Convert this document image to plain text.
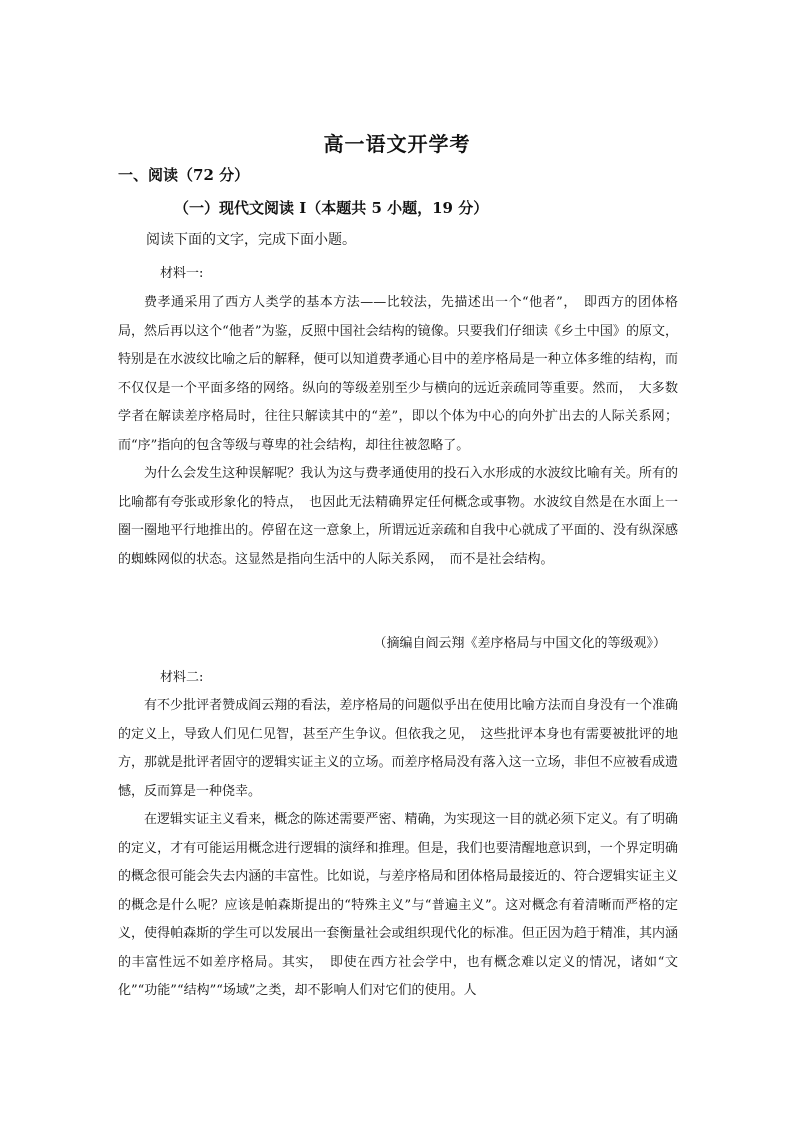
高一语文开学考
一、阅读（72 分）
（一）现代文阅读 I（本题共 5 小题，19 分）
阅读下面的文字，完成下面小题。
材料一:

费孝通采用了西方人类学的基本方法——比较法，先描述出一个“他者”，　即西方的团体格局，然后再以这个“他者”为鉴，反照中国社会结构的镜像。只要我们仔细读《乡土中国》的原文，特别是在水波纹比喻之后的解释，便可以知道费孝通心目中的差序格局是一种立体多维的结构，而不仅仅是一个平面多络的网络。纵向的等级差别至少与横向的远近亲疏同等重要。然而，　大多数学者在解读差序格局时，往往只解读其中的“差”，即以个体为中心的向外扩出去的人际关系网；而“序”指向的包含等级与尊卑的社会结构，却往往被忽略了。

为什么会发生这种误解呢？我认为这与费孝通使用的投石入水形成的水波纹比喻有关。所有的比喻都有夸张或形象化的特点，　也因此无法精确界定任何概念或事物。水波纹自然是在水面上一圈一圈地平行地推出的。停留在这一意象上，所谓远近亲疏和自我中心就成了平面的、没有纵深感的蜘蛛网似的状态。这显然是指向生活中的人际关系网，　而不是社会结构。

（摘编自阎云翔《差序格局与中国文化的等级观》）
材料二:

有不少批评者赞成阎云翔的看法，差序格局的问题似乎出在使用比喻方法而自身没有一个准确的定义上，导致人们见仁见智，甚至产生争议。但依我之见，　这些批评本身也有需要被批评的地方，那就是批评者固守的逻辑实证主义的立场。而差序格局没有落入这一立场，非但不应被看成遗憾，反而算是一种侥幸。

在逻辑实证主义看来，概念的陈述需要严密、精确，为实现这一目的就必须下定义。有了明确的定义，才有可能运用概念进行逻辑的演绎和推理。但是，我们也要清醒地意识到，一个界定明确的概念很可能会失去内涵的丰富性。比如说，与差序格局和团体格局最接近的、符合逻辑实证主义的概念是什么呢？应该是帕森斯提出的“特殊主义”与“普遍主义”。这对概念有着清晰而严格的定义，使得帕森斯的学生可以发展出一套衡量社会或组织现代化的标准。但正因为趋于精准，其内涵的丰富性远不如差序格局。其实，　即使在西方社会学中，也有概念难以定义的情况，诸如“文化”“功能”“结构”“场域”之类，却不影响人们对它们的使用。人
